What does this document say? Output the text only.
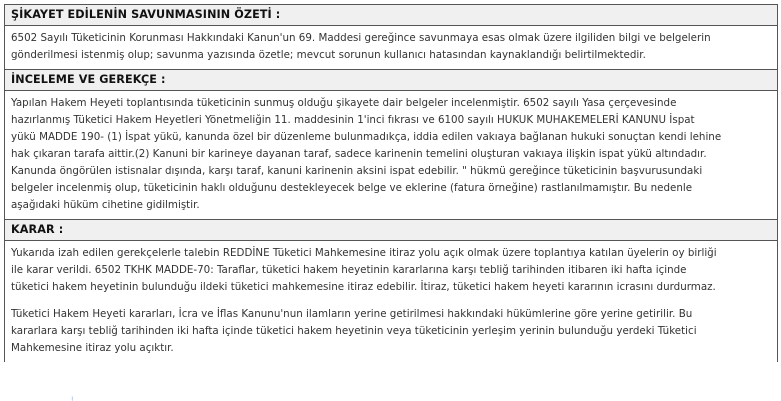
ŞİKAYET EDİLENİN SAVUNMASININ ÖZETİ :

6502 Sayılı Tüketicinin Korunması Hakkındaki Kanun'un 69. Maddesi gereğince savunmaya esas olmak üzere ilgiliden bilgi ve belgelerin
gönderilmesi istenmiş olup; savunma yazısında özetle; mevcut sorunun kullanıcı hatasından kaynaklandığı belirtilmektedir.

İNCELEME VE GEREKÇE :

Yapılan Hakem Heyeti toplantısında tüketicinin sunmuş olduğu şikayete dair belgeler incelenmiştir. 6502 sayılı Yasa çerçevesinde
hazırlanmış Tüketici Hakem Heyetleri Yönetmeliğin 11. maddesinin 1'inci fıkrası ve 6100 sayılı HUKUK MUHAKEMELERİ KANUNU İspat
yükü MADDE 190- (1) İspat yükü, kanunda özel bir düzenleme bulunmadıkça, iddia edilen vakıaya bağlanan hukuki sonuçtan kendi lehine
hak çıkaran tarafa aittir.(2) Kanuni bir karineye dayanan taraf, sadece karinenin temelini oluşturan vakıaya ilişkin ispat yükü altındadır.
Kanunda öngörülen istisnalar dışında, karşı taraf, kanuni karinenin aksini ispat edebilir. " hükmü gereğince tüketicinin başvurusundaki
belgeler incelenmiş olup, tüketicinin haklı olduğunu destekleyecek belge ve eklerine (fatura örneğine) rastlanılmamıştır. Bu nedenle
aşağıdaki hüküm cihetine gidilmiştir.

KARAR :

Yukarıda izah edilen gerekçelerle talebin REDDİNE Tüketici Mahkemesine itiraz yolu açık olmak üzere toplantıya katılan üyelerin oy birliği
ile karar verildi. 6502 TKHK MADDE-70: Taraflar, tüketici hakem heyetinin kararlarına karşı tebliğ tarihinden itibaren iki hafta içinde
tüketici hakem heyetinin bulunduğu ildeki tüketici mahkemesine itiraz edebilir. İtiraz, tüketici hakem heyeti kararının icrasını durdurmaz.

Tüketici Hakem Heyeti kararları, İcra ve İflas Kanunu'nun ilamların yerine getirilmesi hakkındaki hükümlerine göre yerine getirilir. Bu
kararlara karşı tebliğ tarihinden iki hafta içinde tüketici hakem heyetinin veya tüketicinin yerleşim yerinin bulunduğu yerdeki Tüketici
Mahkemesine itiraz yolu açıktır.

╷
